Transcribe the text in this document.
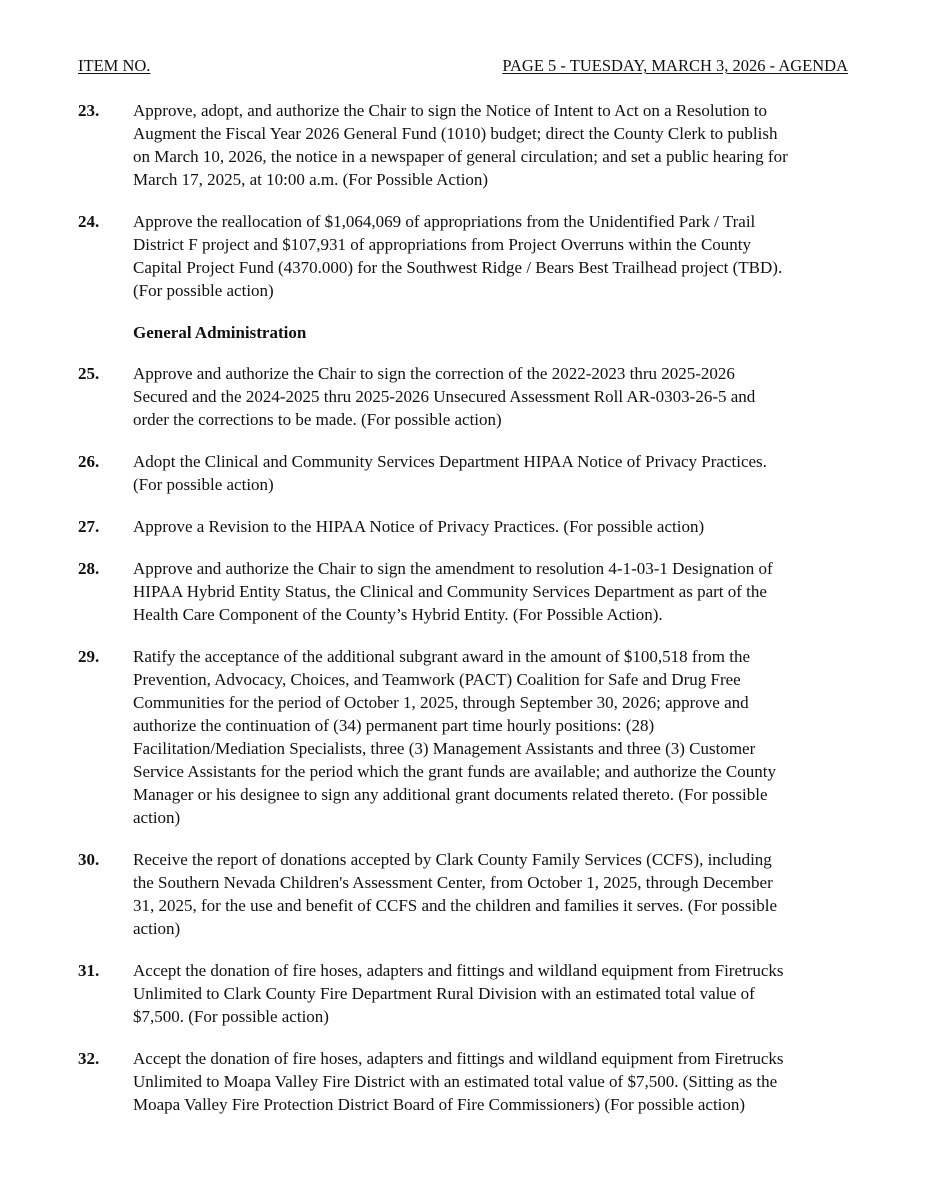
ITEM NO.	PAGE 5 - TUESDAY, MARCH 3, 2026 - AGENDA
23. Approve, adopt, and authorize the Chair to sign the Notice of Intent to Act on a Resolution to
Augment the Fiscal Year 2026 General Fund (1010) budget; direct the County Clerk to publish
on March 10, 2026, the notice in a newspaper of general circulation; and set a public hearing for
March 17, 2025, at 10:00 a.m. (For Possible Action)
24. Approve the reallocation of $1,064,069 of appropriations from the Unidentified Park / Trail
District F project and $107,931 of appropriations from Project Overruns within the County
Capital Project Fund (4370.000) for the Southwest Ridge / Bears Best Trailhead project (TBD).
(For possible action)
General Administration
25. Approve and authorize the Chair to sign the correction of the 2022-2023 thru 2025-2026
Secured and the 2024-2025 thru 2025-2026 Unsecured Assessment Roll AR-0303-26-5 and
order the corrections to be made. (For possible action)
26. Adopt the Clinical and Community Services Department HIPAA Notice of Privacy Practices.
(For possible action)
27. Approve a Revision to the HIPAA Notice of Privacy Practices. (For possible action)
28. Approve and authorize the Chair to sign the amendment to resolution 4-1-03-1 Designation of
HIPAA Hybrid Entity Status, the Clinical and Community Services Department as part of the
Health Care Component of the County’s Hybrid Entity. (For Possible Action).
29. Ratify the acceptance of the additional subgrant award in the amount of $100,518 from the
Prevention, Advocacy, Choices, and Teamwork (PACT) Coalition for Safe and Drug Free
Communities for the period of October 1, 2025, through September 30, 2026; approve and
authorize the continuation of (34) permanent part time hourly positions: (28)
Facilitation/Mediation Specialists, three (3) Management Assistants and three (3) Customer
Service Assistants for the period which the grant funds are available; and authorize the County
Manager or his designee to sign any additional grant documents related thereto. (For possible
action)
30. Receive the report of donations accepted by Clark County Family Services (CCFS), including
the Southern Nevada Children's Assessment Center, from October 1, 2025, through December
31, 2025, for the use and benefit of CCFS and the children and families it serves. (For possible
action)
31. Accept the donation of fire hoses, adapters and fittings and wildland equipment from Firetrucks
Unlimited to Clark County Fire Department Rural Division with an estimated total value of
$7,500. (For possible action)
32. Accept the donation of fire hoses, adapters and fittings and wildland equipment from Firetrucks
Unlimited to Moapa Valley Fire District with an estimated total value of $7,500. (Sitting as the
Moapa Valley Fire Protection District Board of Fire Commissioners) (For possible action)
